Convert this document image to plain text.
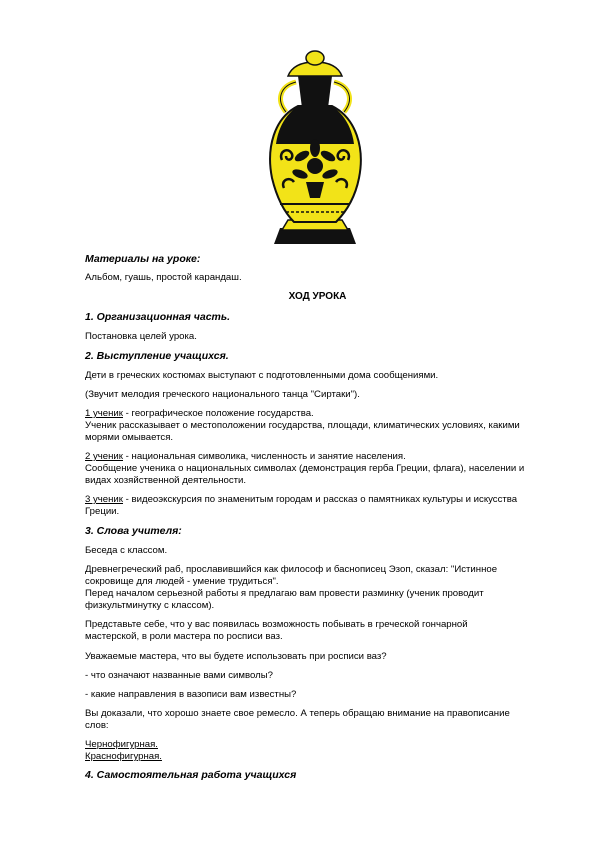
Материалы на уроке:
Альбом, гуашь, простой карандаш.
ХОД УРОКА
1. Организационная часть.
Постановка целей урока.
2. Выступление учащихся.
Дети в греческих костюмах выступают с подготовленными дома сообщениями.
(Звучит мелодия греческого национального танца "Сиртаки").
1 ученик - географическое положение государства.
Ученик рассказывает о местоположении государства, площади, климатических условиях, какими
морями омывается.
2 ученик - национальная символика, численность и занятие населения.
Сообщение ученика о национальных символах (демонстрация герба Греции, флага), населении и
видах хозяйственной деятельности.
3 ученик - видеоэкскурсия по знаменитым городам и рассказ о памятниках культуры и искусства
Греции.
3. Слова учителя:
Беседа с классом.
Древнегреческий раб, прославившийся как философ и баснописец Эзоп, сказал: "Истинное
сокровище для людей - умение трудиться".
Перед началом серьезной работы я предлагаю вам провести разминку (ученик проводит
физкультминутку с классом).
Представьте себе, что у вас появилась возможность побывать в греческой гончарной
мастерской, в роли мастера по росписи ваз.
Уважаемые мастера, что вы будете использовать при росписи ваз?
- что означают названные вами символы?
- какие направления в вазописи вам известны?
Вы доказали, что хорошо знаете свое ремесло. А теперь обращаю внимание на правописание
слов:
Чернофигурная.
Краснофигурная.
4. Самостоятельная работа учащихся
